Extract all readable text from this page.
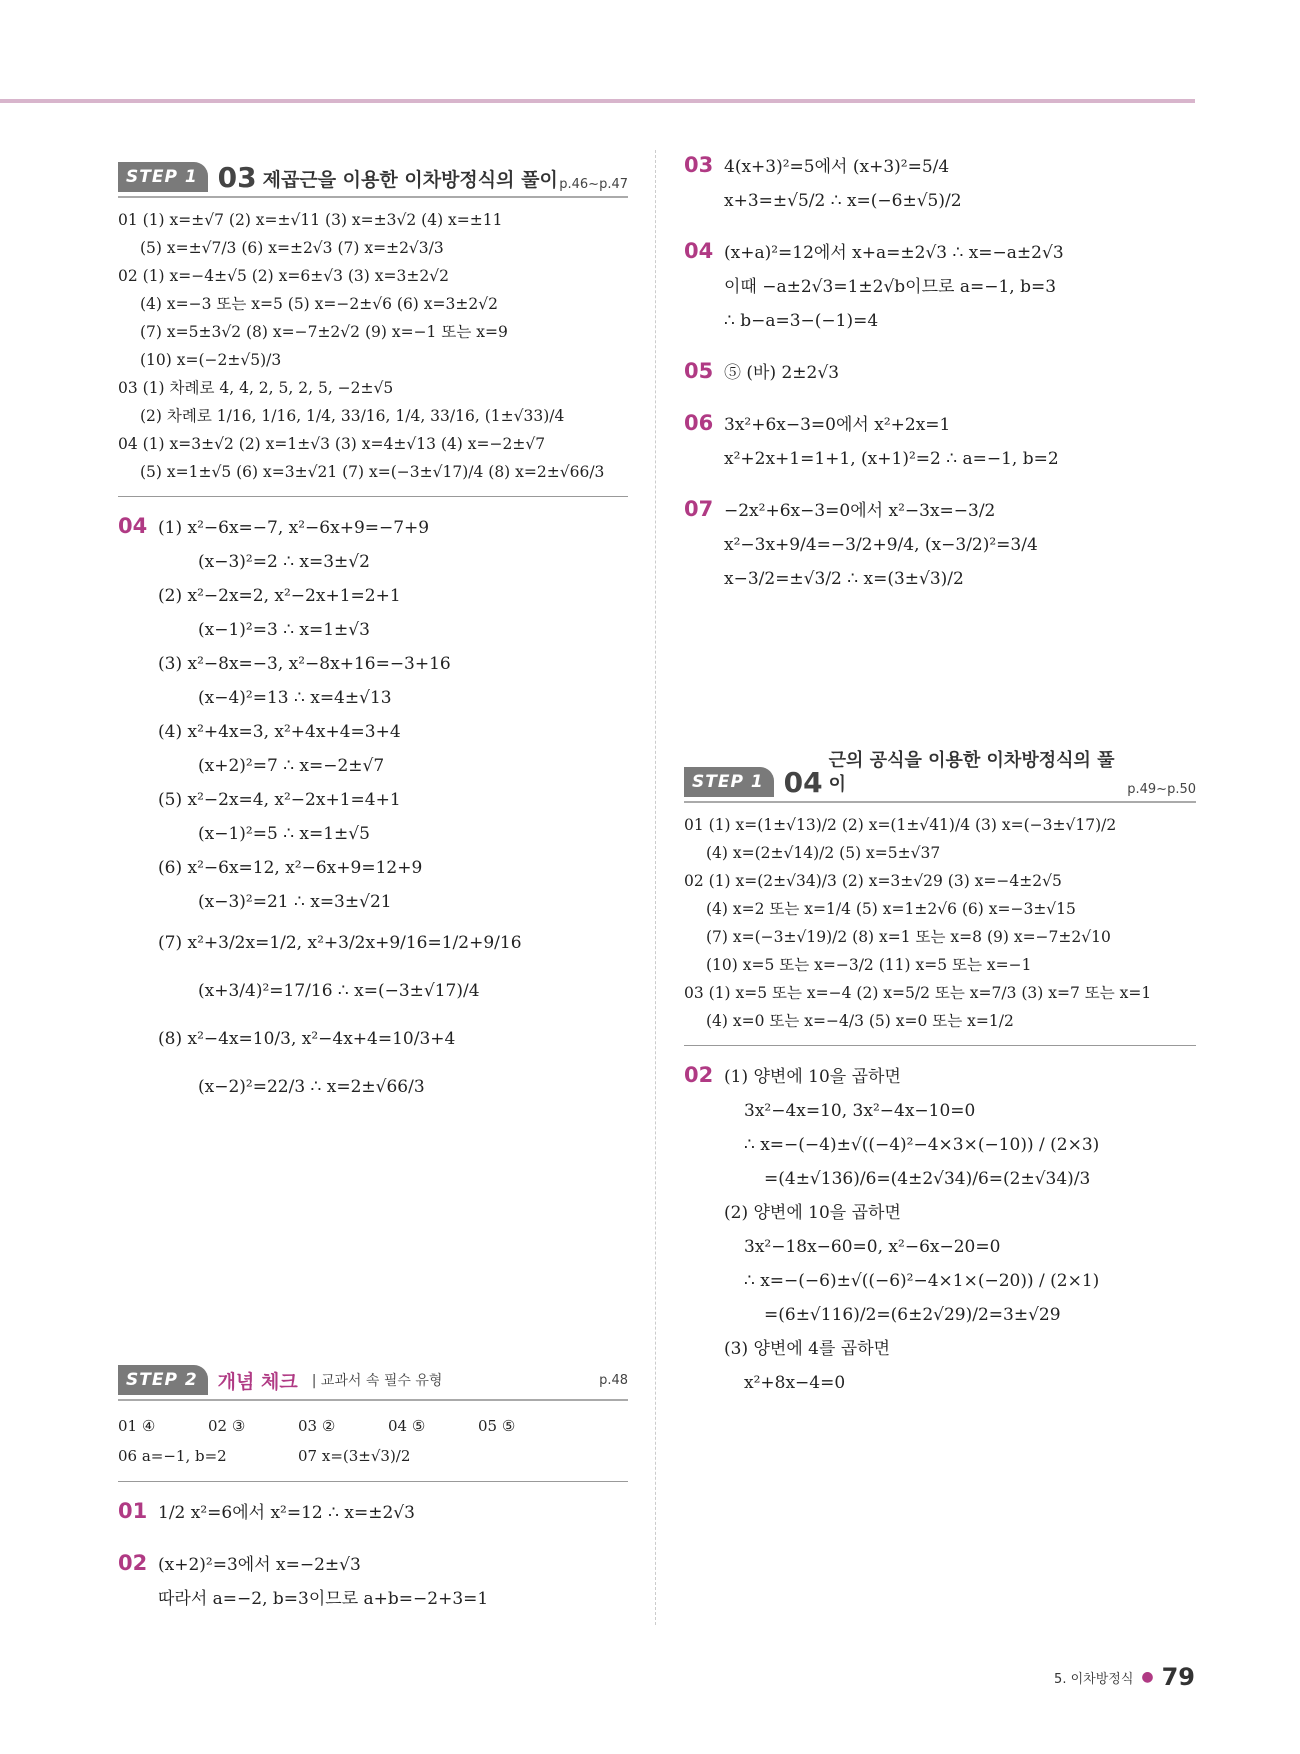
STEP 1 03 제곱근을 이용한 이차방정식의 풀이 p.46~p.47
01 (1) x=±√7 (2) x=±√11 (3) x=±3√2 (4) x=±11
(5) x=±√7/3 (6) x=±2√3 (7) x=±2√3/3
02 (1) x=−4±√5 (2) x=6±√3 (3) x=3±2√2
(4) x=−3 또는 x=5 (5) x=−2±√6 (6) x=3±2√2
(7) x=5±3√2 (8) x=−7±2√2 (9) x=−1 또는 x=9
(10) x=(−2±√5)/3
03 (1) 차례로 4, 4, 2, 5, 2, 5, −2±√5
(2) 차례로 1/16, 1/16, 1/4, 33/16, 1/4, 33/16, (1±√33)/4
04 (1) x=3±√2 (2) x=1±√3 (3) x=4±√13 (4) x=−2±√7
(5) x=1±√5 (6) x=3±√21 (7) x=(−3±√17)/4 (8) x=2±√66/3
04 (1) x²−6x=−7, x²−6x+9=−7+9
(x−3)²=2 ∴ x=3±√2
(2) x²−2x=2, x²−2x+1=2+1
(x−1)²=3 ∴ x=1±√3
(3) x²−8x=−3, x²−8x+16=−3+16
(x−4)²=13 ∴ x=4±√13
(4) x²+4x=3, x²+4x+4=3+4
(x+2)²=7 ∴ x=−2±√7
(5) x²−2x=4, x²−2x+1=4+1
(x−1)²=5 ∴ x=1±√5
(6) x²−6x=12, x²−6x+9=12+9
(x−3)²=21 ∴ x=3±√21
(7) x²+3/2x=1/2, x²+3/2x+9/16=1/2+9/16
(x+3/4)²=17/16 ∴ x=(−3±√17)/4
(8) x²−4x=10/3, x²−4x+4=10/3+4
(x−2)²=22/3 ∴ x=2±√66/3
STEP 2	개념 체크 | 교과서 속 필수 유형	p.48
01 ④	02 ③	03 ②	04 ⑤	05 ⑤
06 a=−1, b=2	07 x=(3±√3)/2
01 1/2 x²=6에서 x²=12 ∴ x=±2√3
02 (x+2)²=3에서 x=−2±√3
따라서 a=−2, b=3이므로 a+b=−2+3=1
03 4(x+3)²=5에서 (x+3)²=5/4
x+3=±√5/2 ∴ x=(−6±√5)/2
04 (x+a)²=12에서 x+a=±2√3 ∴ x=−a±2√3
이때 −a±2√3=1±2√b이므로 a=−1, b=3
∴ b−a=3−(−1)=4
05 ⑤ (바) 2±2√3
06 3x²+6x−3=0에서 x²+2x=1
x²+2x+1=1+1, (x+1)²=2 ∴ a=−1, b=2
07 −2x²+6x−3=0에서 x²−3x=−3/2
x²−3x+9/4=−3/2+9/4, (x−3/2)²=3/4
x−3/2=±√3/2 ∴ x=(3±√3)/2
STEP 1 04
근의 공식을 이용한 이차방정식의 풀이	p.49~p.50
01 (1) x=(1±√13)/2 (2) x=(1±√41)/4 (3) x=(−3±√17)/2
(4) x=(2±√14)/2 (5) x=5±√37
02 (1) x=(2±√34)/3 (2) x=3±√29 (3) x=−4±2√5
(4) x=2 또는 x=1/4 (5) x=1±2√6 (6) x=−3±√15
(7) x=(−3±√19)/2 (8) x=1 또는 x=8 (9) x=−7±2√10
(10) x=5 또는 x=−3/2 (11) x=5 또는 x=−1
03 (1) x=5 또는 x=−4 (2) x=5/2 또는 x=7/3 (3) x=7 또는 x=1
(4) x=0 또는 x=−4/3 (5) x=0 또는 x=1/2
02 (1) 양변에 10을 곱하면
3x²−4x=10, 3x²−4x−10=0
∴ x=−(−4)±√((−4)²−4×3×(−10)) / (2×3)
=(4±√136)/6=(4±2√34)/6=(2±√34)/3
(2) 양변에 10을 곱하면
3x²−18x−60=0, x²−6x−20=0
∴ x=−(−6)±√((−6)²−4×1×(−20)) / (2×1)
=(6±√116)/2=(6±2√29)/2=3±√29
(3) 양변에 4를 곱하면
x²+8x−4=0
5. 이차방정식 ● 79
